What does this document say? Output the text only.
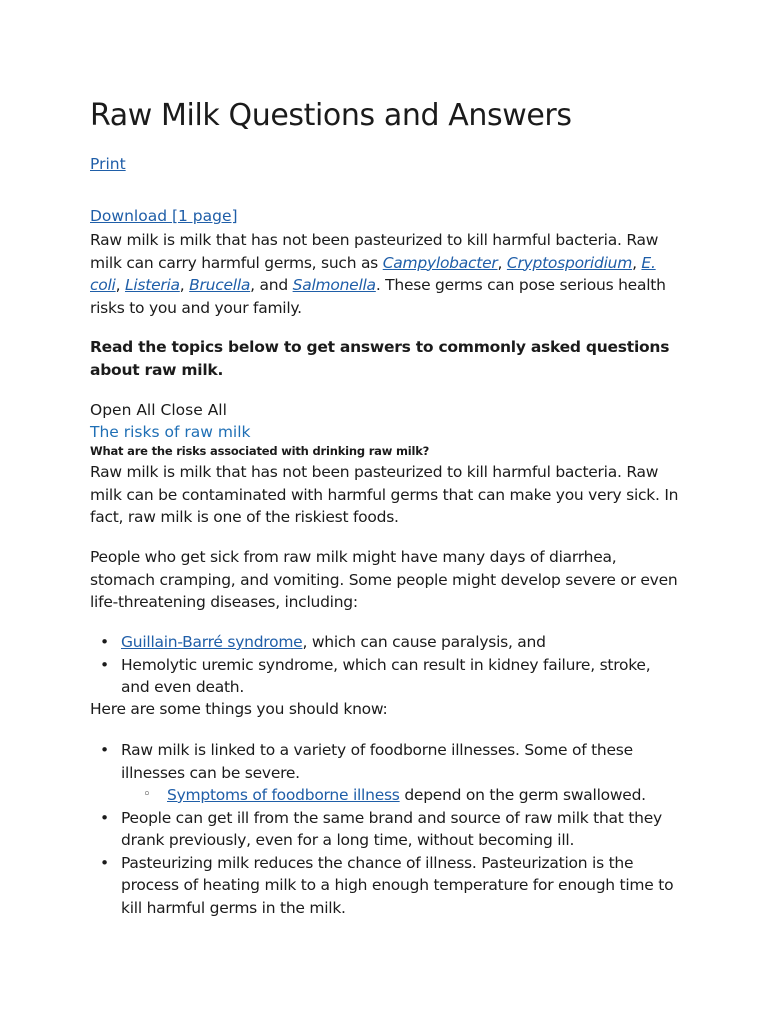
Raw Milk Questions and Answers
Print
Download [1 page]

Raw milk is milk that has not been pasteurized to kill harmful bacteria. Raw milk can carry harmful germs, such as Campylobacter, Cryptosporidium, E. coli, Listeria, Brucella, and Salmonella. These germs can pose serious health risks to you and your family.

Read the topics below to get answers to commonly asked questions about raw milk.

Open All Close All
The risks of raw milk
What are the risks associated with drinking raw milk?

Raw milk is milk that has not been pasteurized to kill harmful bacteria. Raw milk can be contaminated with harmful germs that can make you very sick. In fact, raw milk is one of the riskiest foods.

People who get sick from raw milk might have many days of diarrhea, stomach cramping, and vomiting. Some people might develop severe or even life-threatening diseases, including:

• Guillain-Barré syndrome, which can cause paralysis, and
• Hemolytic uremic syndrome, which can result in kidney failure, stroke, and even death.

Here are some things you should know:

• Raw milk is linked to a variety of foodborne illnesses. Some of these illnesses can be severe.
◦ Symptoms of foodborne illness depend on the germ swallowed.
• People can get ill from the same brand and source of raw milk that they drank previously, even for a long time, without becoming ill.
• Pasteurizing milk reduces the chance of illness. Pasteurization is the process of heating milk to a high enough temperature for enough time to kill harmful germs in the milk.
